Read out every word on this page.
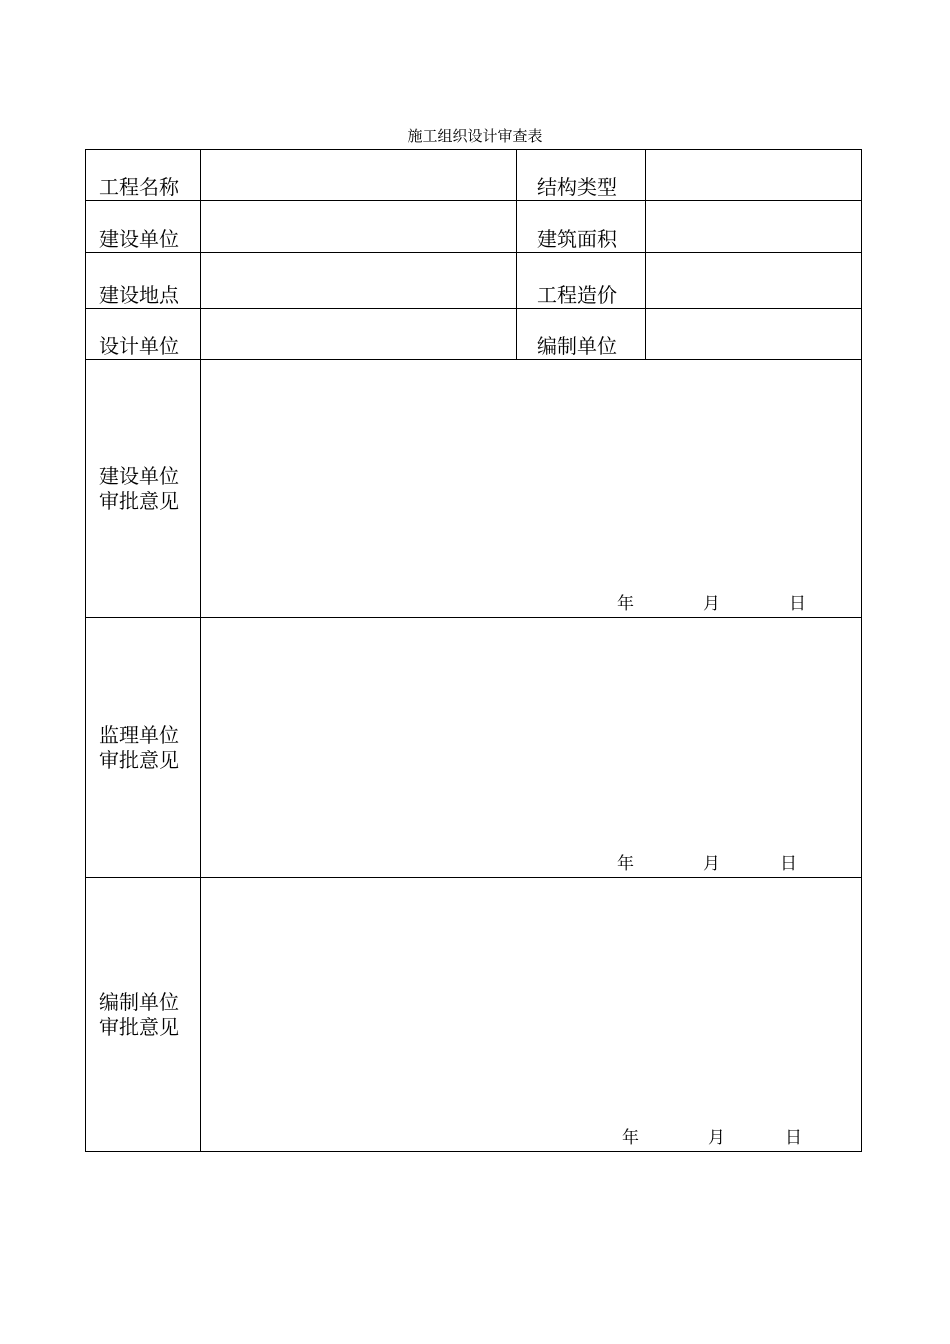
施工组织设计审查表
工程名称	结构类型
建设单位	建筑面积
建设地点	工程造价
设计单位	编制单位
建设单位
审批意见
年	月	日
监理单位
审批意见
年	月	日
编制单位
审批意见
年	月	日
